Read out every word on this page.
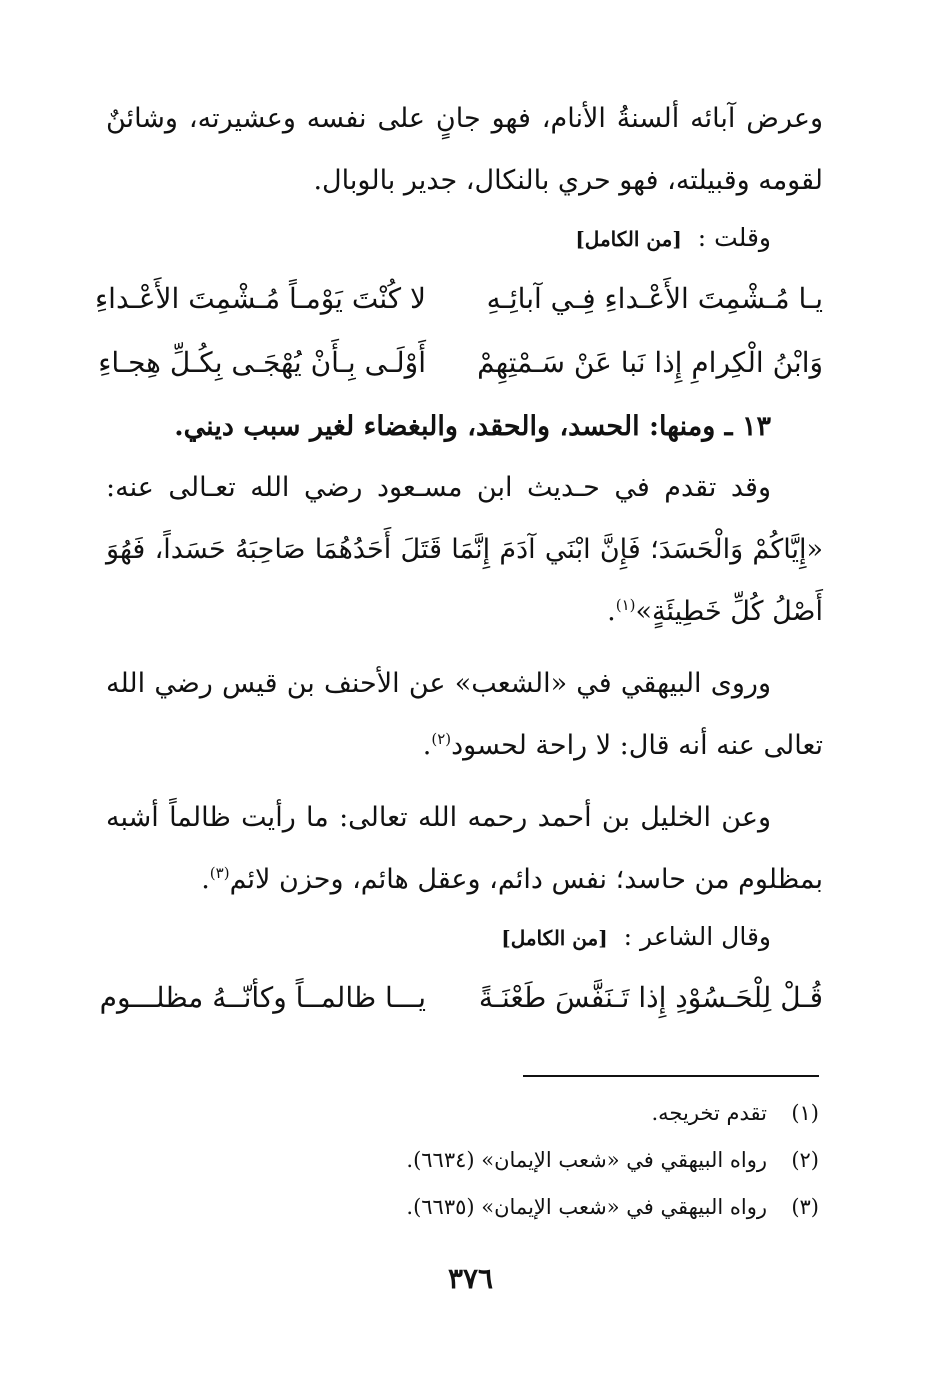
وعرض آبائه ألسنةُ الأنام، فهو جانٍ على نفسه وعشيرته، وشائنٌ لقومه وقبيلته، فهو حري بالنكال، جدير بالوبال.

وقلت : [من الكامل]
يـا مُـشْمِتَ الأَعْـداءِ فِـي آبائِـهِ
لا كُنْتَ يَوْمـاً مُـشْمِتَ الأَعْـداءِ
وَابْنُ الْكِرامِ إِذا نَبا عَنْ سَـمْتِهِمْ
أَوْلَـى بِـأَنْ يُهْجَـى بِكُـلِّ هِجـاءِ
١٣ ـ ومنها: الحسد، والحقد، والبغضاء لغير سبب ديني.

وقد تقدم في حـديث ابن مسـعود رضي الله تعـالى عنه: «إِيَّاكُمْ وَالْحَسَدَ؛ فَإِنَّ ابْنَي آدَمَ إِنَّمَا قَتَلَ أَحَدُهُمَا صَاحِبَهُ حَسَداً، فَهُوَ أَصْلُ كُلِّ خَطِيئَةٍ»$^{(١)}$.

وروى البيهقي في «الشعب» عن الأحنف بن قيس رضي الله تعالى عنه أنه قال: لا راحة لحسود$^{(٢)}$.

وعن الخليل بن أحمد رحمه الله تعالى: ما رأيت ظالماً أشبه بمظلوم من حاسد؛ نفس دائم، وعقل هائم، وحزن لائم$^{(٣)}$.

وقال الشاعر : [من الكامل]
قُـلْ لِلْحَـسُوْدِ إِذا تَـنَفَّسَ طَعْنَـةً
يـــا ظالمــاً وكأنّــهُ مظلـــوم
(١)
تقدم تخريجه.
(٢)
رواه البيهقي في «شعب الإيمان» (٦٦٣٤).
(٣)
رواه البيهقي في «شعب الإيمان» (٦٦٣٥).
٣٧٦
